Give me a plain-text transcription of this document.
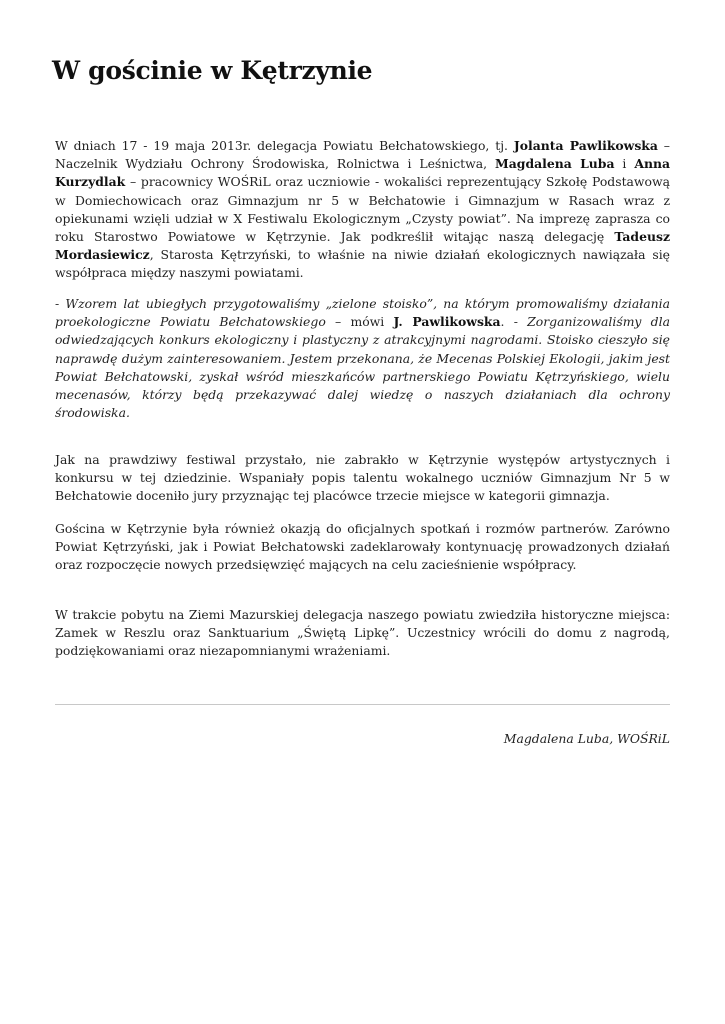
W gościnie w Kętrzynie

W dniach 17 - 19 maja 2013r. delegacja Powiatu Bełchatowskiego, tj. Jolanta Pawlikowska – Naczelnik Wydziału Ochrony Środowiska, Rolnictwa i Leśnictwa, Magdalena Luba i Anna Kurzydlak – pracownicy WOŚRiL oraz uczniowie - wokaliści reprezentujący Szkołę Podstawową w Domiechowicach oraz Gimnazjum nr 5 w Bełchatowie i Gimnazjum w Rasach wraz z opiekunami wzięli udział w X Festiwalu Ekologicznym „Czysty powiat”. Na imprezę zaprasza co roku Starostwo Powiatowe w Kętrzynie. Jak podkreślił witając naszą delegację Tadeusz Mordasiewicz, Starosta Kętrzyński, to właśnie na niwie działań ekologicznych nawiązała się współpraca między naszymi powiatami.

- Wzorem lat ubiegłych przygotowaliśmy „zielone stoisko”, na którym promowaliśmy działania proekologiczne Powiatu Bełchatowskiego – mówi J. Pawlikowska. - Zorganizowaliśmy dla odwiedzających konkurs ekologiczny i plastyczny z atrakcyjnymi nagrodami. Stoisko cieszyło się naprawdę dużym zainteresowaniem. Jestem przekonana, że Mecenas Polskiej Ekologii, jakim jest Powiat Bełchatowski, zyskał wśród mieszkańców partnerskiego Powiatu Kętrzyńskiego, wielu mecenasów, którzy będą przekazywać dalej wiedzę o naszych działaniach dla ochrony środowiska.

Jak na prawdziwy festiwal przystało, nie zabrakło w Kętrzynie występów artystycznych i konkursu w tej dziedzinie. Wspaniały popis talentu wokalnego uczniów Gimnazjum Nr 5 w Bełchatowie doceniło jury przyznając tej placówce trzecie miejsce w kategorii gimnazja.

Gościna w Kętrzynie była również okazją do oficjalnych spotkań i rozmów partnerów. Zarówno Powiat Kętrzyński, jak i Powiat Bełchatowski zadeklarowały kontynuację prowadzonych działań oraz rozpoczęcie nowych przedsięwzięć mających na celu zacieśnienie współpracy.

W trakcie pobytu na Ziemi Mazurskiej delegacja naszego powiatu zwiedziła historyczne miejsca: Zamek w Reszlu oraz Sanktuarium „Świętą Lipkę”. Uczestnicy wrócili do domu z nagrodą, podziękowaniami oraz niezapomnianymi wrażeniami.

Magdalena Luba, WOŚRiL
